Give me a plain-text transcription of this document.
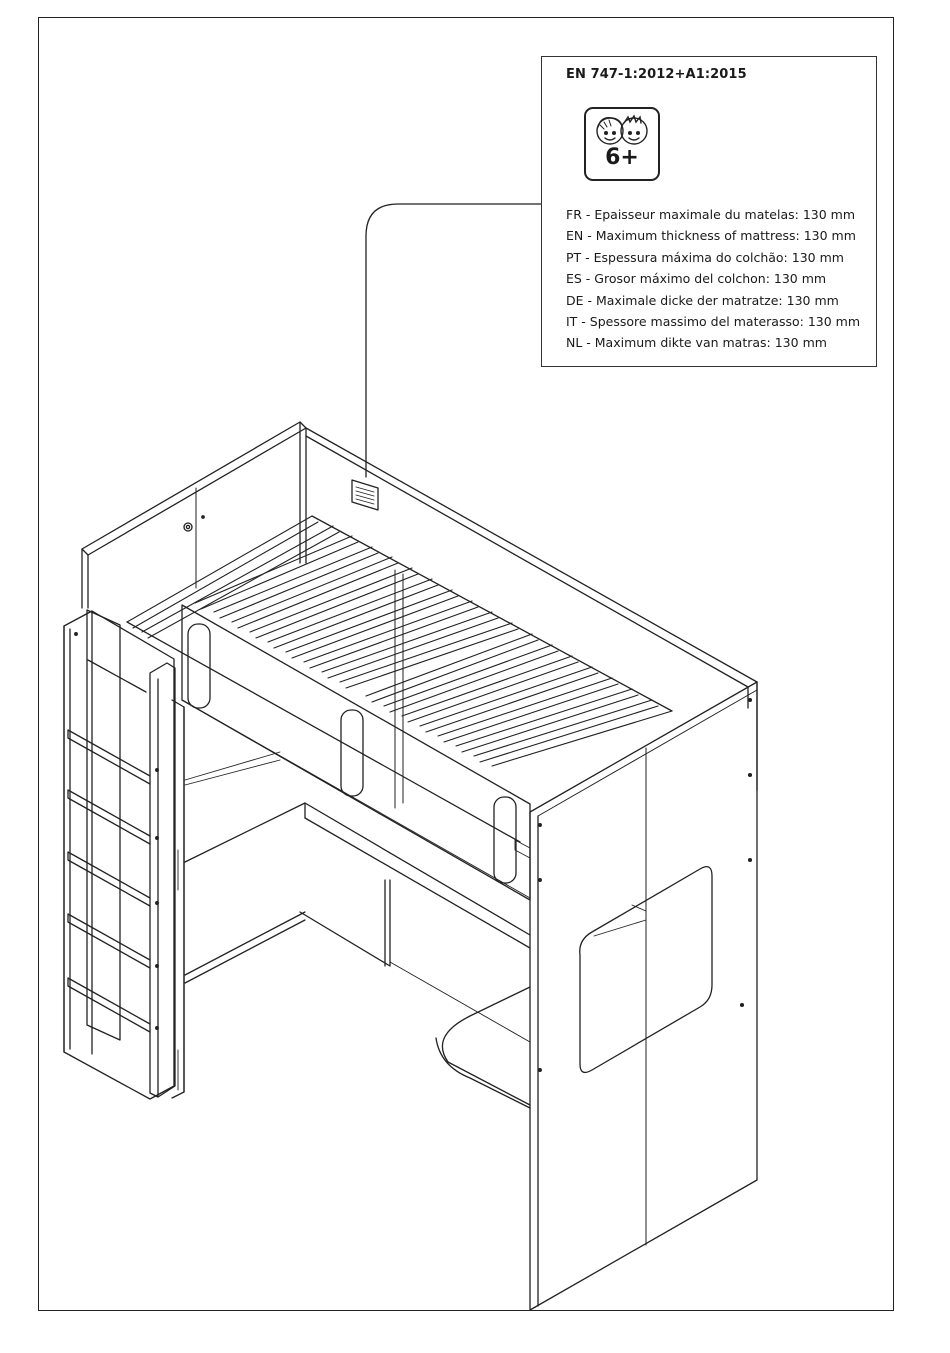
EN 747-1:2012+A1:2015
6+
FR - Epaisseur maximale du matelas: 130 mm
EN - Maximum thickness of mattress: 130 mm
PT - Espessura máxima do colchão: 130 mm
ES - Grosor máximo del colchon: 130 mm
DE - Maximale dicke der matratze: 130 mm
IT - Spessore massimo del materasso: 130 mm
NL - Maximum dikte van matras: 130 mm
